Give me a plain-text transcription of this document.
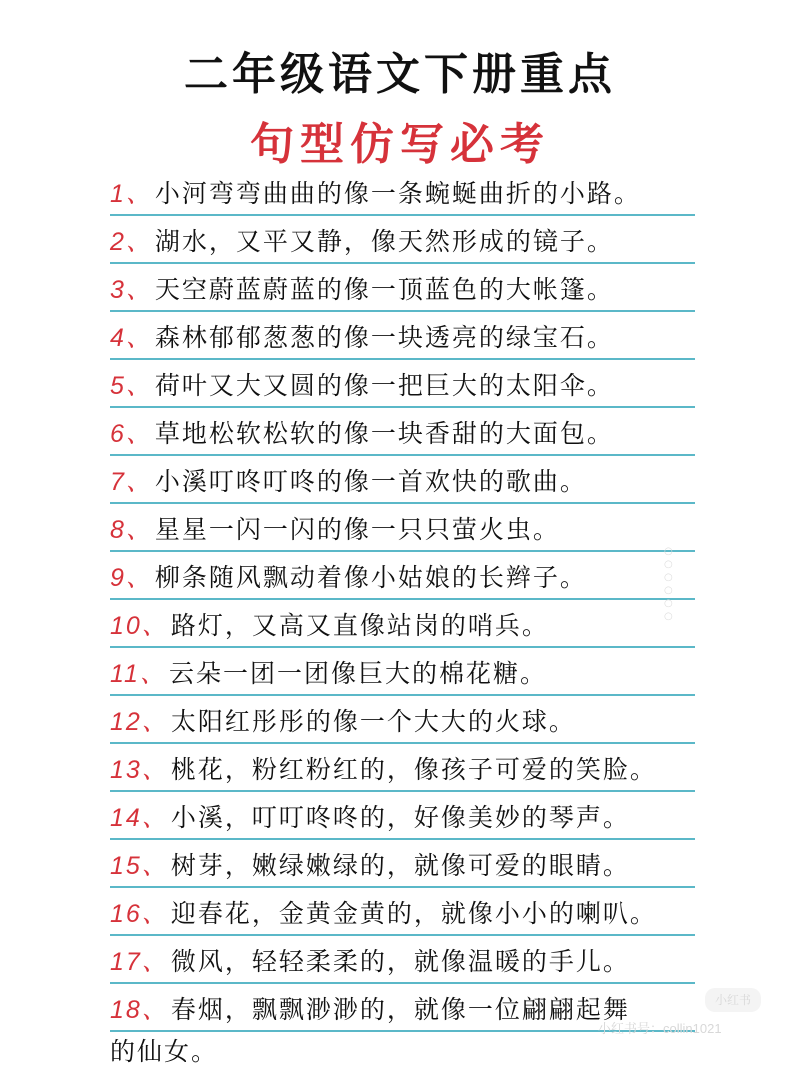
二年级语文下册重点
句型仿写必考
1、 小河弯弯曲曲的像一条蜿蜒曲折的小路。
2、 湖水，又平又静，像天然形成的镜子。
3、 天空蔚蓝蔚蓝的像一顶蓝色的大帐篷。
4、 森林郁郁葱葱的像一块透亮的绿宝石。
5、 荷叶又大又圆的像一把巨大的太阳伞。
6、 草地松软松软的像一块香甜的大面包。
7、 小溪叮咚叮咚的像一首欢快的歌曲。
8、 星星一闪一闪的像一只只萤火虫。
9、 柳条随风飘动着像小姑娘的长辫子。
10、 路灯，又高又直像站岗的哨兵。
11、 云朵一团一团像巨大的棉花糖。
12、 太阳红彤彤的像一个大大的火球。
13、 桃花，粉红粉红的，像孩子可爱的笑脸。
14、 小溪，叮叮咚咚的，好像美妙的琴声。
15、 树芽，嫩绿嫩绿的，就像可爱的眼睛。
16、 迎春花，金黄金黄的，就像小小的喇叭。
17、 微风，轻轻柔柔的，就像温暖的手儿。
18、 春烟，飘飘渺渺的，就像一位翩翩起舞
的仙女。
○
○
○
○
○
○
小红书
小红书号：collin1021
